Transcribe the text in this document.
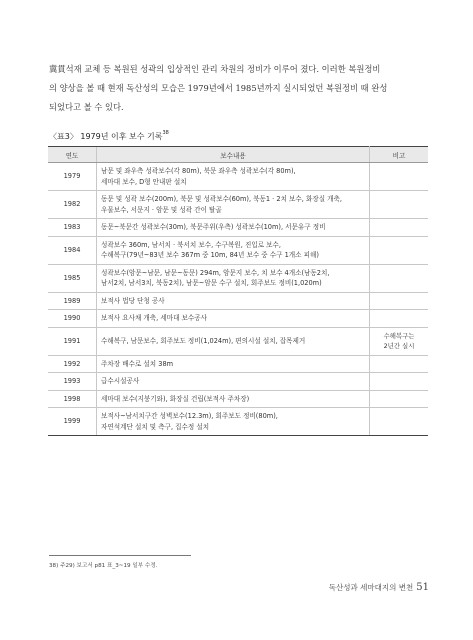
冀貫석재 교체 등 복원된 성곽의 입상적인 관리 차원의 정비가 이루어 졌다. 이러한 복원정비
의 양상을 볼 때 현재 독산성의 모습은 1979년에서 1985년까지 실시되었던 복원정비 때 완성
되었다고 볼 수 있다.

〈표3〉 1979년 이후 보수 기록$^{38}$
연도	보수내용	비고
1979	남문 및 좌우측 성곽보수(각 80m), 북문 좌우측 성곽보수(각 80m),
세마대 보수, D형 안내판 설치	

1982	동문 및 성곽 보수(200m), 북문 및 성곽보수(60m), 북동1 · 2치 보수, 화장실 개축,
우물보수, 서문지 · 암문 및 성곽 간이 탈골	

1983	동문~북문간 성곽보수(30m), 북문주위(우측) 성곽보수(10m), 서문유구 정비	

1984	성곽보수 360m, 남서치 · 북서치 보수, 수구복원, 진입로 보수,
수해복구(79년~83년 보수 367m 중 10m, 84년 보수 중 수구 1개소 피해)	

1985	성곽보수(암문~남문, 남문~동문) 294m, 암문지 보수, 치 보수 4개소(남동2치,
남서2치, 남서3치, 북동2치), 남문~암문 수구 설치, 회주보도 정비(1,020m)	

1989	보적사 법당 단청 공사	

1990	보적사 요사채 개축, 세마대 보수공사	

1991	수해복구, 남문보수, 회주보도 정비(1,024m), 편의시설 설치, 잡목제거	수해복구는
2년간 실시

1992	주차장 배수로 설치 38m	

1993	급수시설공사	

1998	세마대 보수(지붕기와), 화장실 건립(보적사 주차장)	

1999	보적사~남서치구간 성벽보수(12.3m), 회주보도 정비(80m),
자연석계단 설치 및 측구, 집수정 설치	

38) 주29) 보고서 p81 표_3~19 일부 수정.
독산성과 세마대지의 변천 51
